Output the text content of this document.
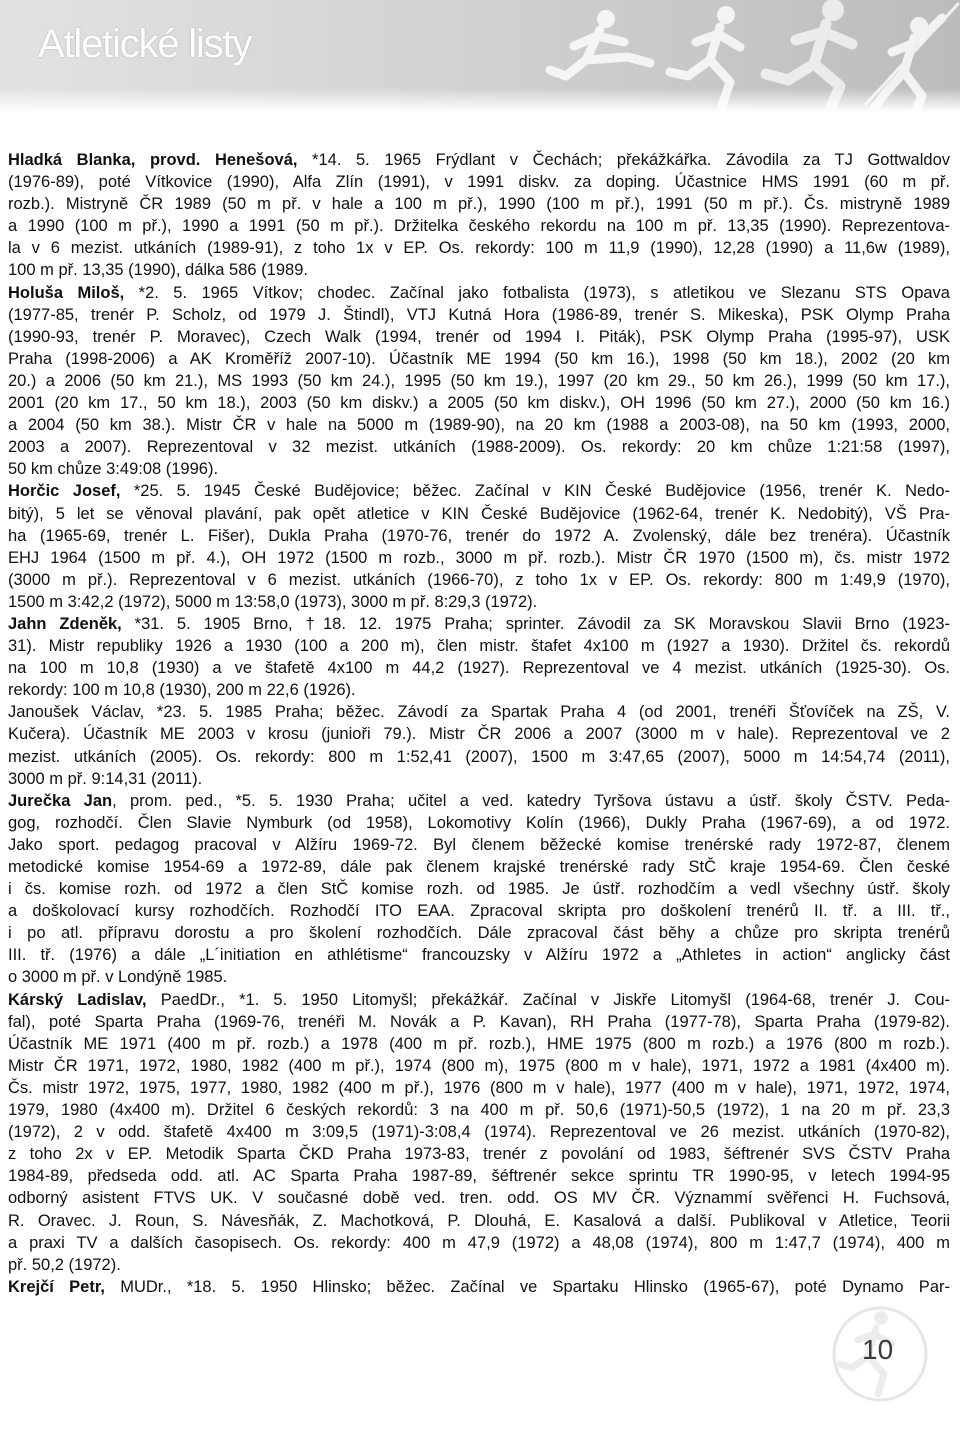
Atletické listy
Hladká Blanka, provd. Henešová, *14. 5. 1965 Frýdlant v Čechách; překážkářka. Závodila za TJ Gottwaldov
(1976-89), poté Vítkovice (1990), Alfa Zlín (1991), v 1991 diskv. za doping. Účastnice HMS 1991 (60 m př.
rozb.). Mistryně ČR 1989 (50 m př. v hale a 100 m př.), 1990 (100 m př.), 1991 (50 m př.). Čs. mistryně 1989
a 1990 (100 m př.), 1990 a 1991 (50 m př.). Držitelka českého rekordu na 100 m př. 13,35 (1990). Reprezentova-
la v 6 mezist. utkáních (1989-91), z toho 1x v EP. Os. rekordy: 100 m 11,9 (1990), 12,28 (1990) a 11,6w (1989),
100 m př. 13,35 (1990), dálka 586 (1989.
Holuša Miloš, *2. 5. 1965 Vítkov; chodec. Začínal jako fotbalista (1973), s atletikou ve Slezanu STS Opava
(1977-85, trenér P. Scholz, od 1979 J. Štindl), VTJ Kutná Hora (1986-89, trenér S. Mikeska), PSK Olymp Praha
(1990-93, trenér P. Moravec), Czech Walk (1994, trenér od 1994 I. Piták), PSK Olymp Praha (1995-97), USK
Praha (1998-2006) a AK Kroměříž 2007-10). Účastník ME 1994 (50 km 16.), 1998 (50 km 18.), 2002 (20 km
20.) a 2006 (50 km 21.), MS 1993 (50 km 24.), 1995 (50 km 19.), 1997 (20 km 29., 50 km 26.), 1999 (50 km 17.),
2001 (20 km 17., 50 km 18.), 2003 (50 km diskv.) a 2005 (50 km diskv.), OH 1996 (50 km 27.), 2000 (50 km 16.)
a 2004 (50 km 38.). Mistr ČR v hale na 5000 m (1989-90), na 20 km (1988 a 2003-08), na 50 km (1993, 2000,
2003 a 2007). Reprezentoval v 32 mezist. utkáních (1988-2009). Os. rekordy: 20 km chůze 1:21:58 (1997),
50 km chůze 3:49:08 (1996).
Horčic Josef, *25. 5. 1945 České Budějovice; běžec. Začínal v KIN České Budějovice (1956, trenér K. Nedo-
bitý), 5 let se věnoval plavání, pak opět atletice v KIN České Budějovice (1962-64, trenér K. Nedobitý), VŠ Pra-
ha (1965-69, trenér L. Fišer), Dukla Praha (1970-76, trenér do 1972 A. Zvolenský, dále bez trenéra). Účastník
EHJ 1964 (1500 m př. 4.), OH 1972 (1500 m rozb., 3000 m př. rozb.). Mistr ČR 1970 (1500 m), čs. mistr 1972
(3000 m př.). Reprezentoval v 6 mezist. utkáních (1966-70), z toho 1x v EP. Os. rekordy: 800 m 1:49,9 (1970),
1500 m 3:42,2 (1972), 5000 m 13:58,0 (1973), 3000 m př. 8:29,3 (1972).
Jahn Zdeněk, *31. 5. 1905 Brno, †18. 12. 1975 Praha; sprinter. Závodil za SK Moravskou Slavii Brno (1923-
31). Mistr republiky 1926 a 1930 (100 a 200 m), člen mistr. štafet 4x100 m (1927 a 1930). Držitel čs. rekordů
na 100 m 10,8 (1930) a ve štafetě 4x100 m 44,2 (1927). Reprezentoval ve 4 mezist. utkáních (1925-30). Os.
rekordy: 100 m 10,8 (1930), 200 m 22,6 (1926).
Janoušek Václav, *23. 5. 1985 Praha; běžec. Závodí za Spartak Praha 4 (od 2001, trenéři Šťovíček na ZŠ, V.
Kučera). Účastník ME 2003 v krosu (junioři 79.). Mistr ČR 2006 a 2007 (3000 m v hale). Reprezentoval ve 2
mezist. utkáních (2005). Os. rekordy: 800 m 1:52,41 (2007), 1500 m 3:47,65 (2007), 5000 m 14:54,74 (2011),
3000 m př. 9:14,31 (2011).
Jurečka Jan, prom. ped., *5. 5. 1930 Praha; učitel a ved. katedry Tyršova ústavu a ústř. školy ČSTV. Peda-
gog, rozhodčí. Člen Slavie Nymburk (od 1958), Lokomotivy Kolín (1966), Dukly Praha (1967-69), a od 1972.
Jako sport. pedagog pracoval v Alžíru 1969-72. Byl členem běžecké komise trenérské rady 1972-87, členem
metodické komise 1954-69 a 1972-89, dále pak členem krajské trenérské rady StČ kraje 1954-69. Člen české
i čs. komise rozh. od 1972 a člen StČ komise rozh. od 1985. Je ústř. rozhodčím a vedl všechny ústř. školy
a doškolovací kursy rozhodčích. Rozhodčí ITO EAA. Zpracoval skripta pro doškolení trenérů II. tř. a III. tř.,
i po atl. přípravu dorostu a pro školení rozhodčích. Dále zpracoval část běhy a chůze pro skripta trenérů
III. tř. (1976) a dále „L´initiation en athlétisme“ francouzsky v Alžíru 1972 a „Athletes in action“ anglicky část
o 3000 m př. v Londýně 1985.
Kárský Ladislav, PaedDr., *1. 5. 1950 Litomyšl; překážkář. Začínal v Jiskře Litomyšl (1964-68, trenér J. Cou-
fal), poté Sparta Praha (1969-76, trenéři M. Novák a P. Kavan), RH Praha (1977-78), Sparta Praha (1979-82).
Účastník ME 1971 (400 m př. rozb.) a 1978 (400 m př. rozb.), HME 1975 (800 m rozb.) a 1976 (800 m rozb.).
Mistr ČR 1971, 1972, 1980, 1982 (400 m př.), 1974 (800 m), 1975 (800 m v hale), 1971, 1972 a 1981 (4x400 m).
Čs. mistr 1972, 1975, 1977, 1980, 1982 (400 m př.), 1976 (800 m v hale), 1977 (400 m v hale), 1971, 1972, 1974,
1979, 1980 (4x400 m). Držitel 6 českých rekordů: 3 na 400 m př. 50,6 (1971)-50,5 (1972), 1 na 20 m př. 23,3
(1972), 2 v odd. štafetě 4x400 m 3:09,5 (1971)-3:08,4 (1974). Reprezentoval ve 26 mezist. utkáních (1970-82),
z toho 2x v EP. Metodik Sparta ČKD Praha 1973-83, trenér z povolání od 1983, šéftrenér SVS ČSTV Praha
1984-89, předseda odd. atl. AC Sparta Praha 1987-89, šéftrenér sekce sprintu TR 1990-95, v letech 1994-95
odborný asistent FTVS UK. V současné době ved. tren. odd. OS MV ČR. Význammí svěřenci H. Fuchsová,
R. Oravec. J. Roun, S. Návesňák, Z. Machotková, P. Dlouhá, E. Kasalová a další. Publikoval v Atletice, Teorii
a praxi TV a dalších časopisech. Os. rekordy: 400 m 47,9 (1972) a 48,08 (1974), 800 m 1:47,7 (1974), 400 m
př. 50,2 (1972).
Krejčí Petr, MUDr., *18. 5. 1950 Hlinsko; běžec. Začínal ve Spartaku Hlinsko (1965-67), poté Dynamo Par-
10
